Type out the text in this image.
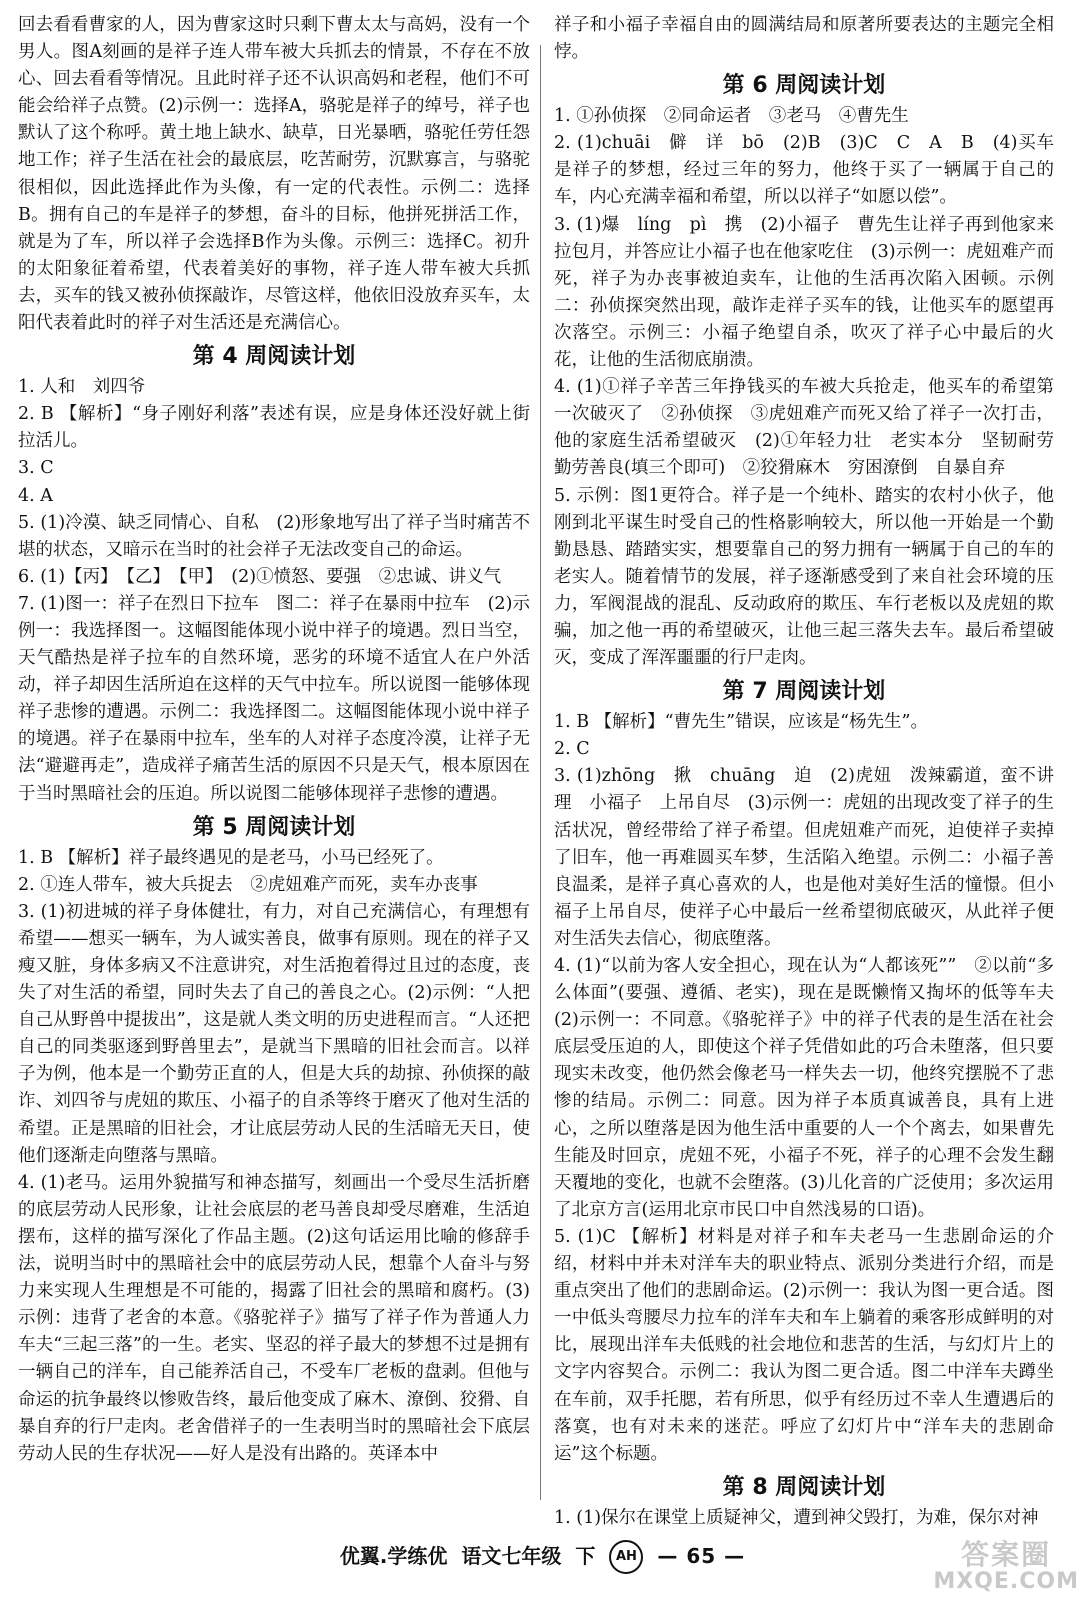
回去看看曹家的人，因为曹家这时只剩下曹太太与高妈，没有一个男人。图A刻画的是祥子连人带车被大兵抓去的情景，不存在不放心、回去看看等情况。且此时祥子还不认识高妈和老程，他们不可能会给祥子点赞。(2)示例一：选择A，骆驼是祥子的绰号，祥子也默认了这个称呼。黄土地上缺水、缺草，日光暴晒，骆驼任劳任怨地工作；祥子生活在社会的最底层，吃苦耐劳，沉默寡言，与骆驼很相似，因此选择此作为头像，有一定的代表性。示例二：选择B。拥有自己的车是祥子的梦想，奋斗的目标，他拼死拼活工作，就是为了车，所以祥子会选择B作为头像。示例三：选择C。初升的太阳象征着希望，代表着美好的事物，祥子连人带车被大兵抓去，买车的钱又被孙侦探敲诈，尽管这样，他依旧没放弃买车，太阳代表着此时的祥子对生活还是充满信心。

第 4 周阅读计划

1. 人和　刘四爷

2. B 【解析】“身子刚好利落”表述有误，应是身体还没好就上街拉活儿。

3. C

4. A

5. (1)冷漠、缺乏同情心、自私　(2)形象地写出了祥子当时痛苦不堪的状态，又暗示在当时的社会祥子无法改变自己的命运。

6. (1)【丙】　【乙】　【甲】　(2)①愤怒、要强　②忠诚、讲义气

7. (1)图一：祥子在烈日下拉车　图二：祥子在暴雨中拉车　(2)示例一：我选择图一。这幅图能体现小说中祥子的境遇。烈日当空，天气酷热是祥子拉车的自然环境，恶劣的环境不适宜人在户外活动，祥子却因生活所迫在这样的天气中拉车。所以说图一能够体现祥子悲惨的遭遇。示例二：我选择图二。这幅图能体现小说中祥子的境遇。祥子在暴雨中拉车，坐车的人对祥子态度冷漠，让祥子无法“避避再走”，造成祥子痛苦生活的原因不只是天气，根本原因在于当时黑暗社会的压迫。所以说图二能够体现祥子悲惨的遭遇。

第 5 周阅读计划

1. B 【解析】祥子最终遇见的是老马，小马已经死了。

2. ①连人带车，被大兵捉去　②虎妞难产而死，卖车办丧事

3. (1)初进城的祥子身体健壮，有力，对自己充满信心，有理想有希望——想买一辆车，为人诚实善良，做事有原则。现在的祥子又瘦又脏，身体多病又不注意讲究，对生活抱着得过且过的态度，丧失了对生活的希望，同时失去了自己的善良之心。(2)示例：“人把自己从野兽中提拔出”，这是就人类文明的历史进程而言。“人还把自己的同类驱逐到野兽里去”，是就当下黑暗的旧社会而言。以祥子为例，他本是一个勤劳正直的人，但是大兵的劫掠、孙侦探的敲诈、刘四爷与虎妞的欺压、小福子的自杀等终于磨灭了他对生活的希望。正是黑暗的旧社会，才让底层劳动人民的生活暗无天日，使他们逐渐走向堕落与黑暗。

4. (1)老马。运用外貌描写和神态描写，刻画出一个受尽生活折磨的底层劳动人民形象，让社会底层的老马善良却受尽磨难，生活迫摆布，这样的描写深化了作品主题。(2)这句话运用比喻的修辞手法，说明当时中的黑暗社会中的底层劳动人民，想靠个人奋斗与努力来实现人生理想是不可能的，揭露了旧社会的黑暗和腐朽。(3)示例：违背了老舍的本意。《骆驼祥子》描写了祥子作为普通人力车夫“三起三落”的一生。老实、坚忍的祥子最大的梦想不过是拥有一辆自己的洋车，自己能养活自己，不受车厂老板的盘剥。但他与命运的抗争最终以惨败告终，最后他变成了麻木、潦倒、狡猾、自暴自弃的行尸走肉。老舍借祥子的一生表明当时的黑暗社会下底层劳动人民的生存状况——好人是没有出路的。英译本中

祥子和小福子幸福自由的圆满结局和原著所要表达的主题完全相悖。

第 6 周阅读计划

1. ①孙侦探　②同命运者　③老马　④曹先生

2. (1)chuāi　僻　详　bō　(2)B　(3)C　C　A　B　(4)买车是祥子的梦想，经过三年的努力，他终于买了一辆属于自己的车，内心充满幸福和希望，所以以祥子“如愿以偿”。

3. (1)爆　líng　pì　携　(2)小福子　曹先生让祥子再到他家来拉包月，并答应让小福子也在他家吃住　(3)示例一：虎妞难产而死，祥子为办丧事被迫卖车，让他的生活再次陷入困顿。示例二：孙侦探突然出现，敲诈走祥子买车的钱，让他买车的愿望再次落空。示例三：小福子绝望自杀，吹灭了祥子心中最后的火花，让他的生活彻底崩溃。

4. (1)①祥子辛苦三年挣钱买的车被大兵抢走，他买车的希望第一次破灭了　②孙侦探　③虎妞难产而死又给了祥子一次打击，他的家庭生活希望破灭　(2)①年轻力壮　老实本分　坚韧耐劳　勤劳善良(填三个即可)　②狡猾麻木　穷困潦倒　自暴自弃

5. 示例：图1更符合。祥子是一个纯朴、踏实的农村小伙子，他刚到北平谋生时受自己的性格影响较大，所以他一开始是一个勤勤恳恳、踏踏实实，想要靠自己的努力拥有一辆属于自己的车的老实人。随着情节的发展，祥子逐渐感受到了来自社会环境的压力，军阀混战的混乱、反动政府的欺压、车行老板以及虎妞的欺骗，加之他一再的希望破灭，让他三起三落失去车。最后希望破灭，变成了浑浑噩噩的行尸走肉。

第 7 周阅读计划

1. B 【解析】“曹先生”错误，应该是“杨先生”。

2. C

3. (1)zhōng　揪　chuāng　迫　(2)虎妞　泼辣霸道，蛮不讲理　小福子　上吊自尽　(3)示例一：虎妞的出现改变了祥子的生活状况，曾经带给了祥子希望。但虎妞难产而死，迫使祥子卖掉了旧车，他一再难圆买车梦，生活陷入绝望。示例二：小福子善良温柔，是祥子真心喜欢的人，也是他对美好生活的憧憬。但小福子上吊自尽，使祥子心中最后一丝希望彻底破灭，从此祥子便对生活失去信心，彻底堕落。

4. (1)“以前为客人安全担心，现在认为“人都该死””　②以前“多么体面”(要强、遵循、老实)，现在是既懒惰又掏坏的低等车夫　(2)示例一：不同意。《骆驼祥子》中的祥子代表的是生活在社会底层受压迫的人，即使这个祥子凭借如此的巧合未堕落，但只要现实未改变，他仍然会像老马一样失去一切，他终究摆脱不了悲惨的结局。示例二：同意。因为祥子本质真诚善良，具有上进心，之所以堕落是因为他生活中重要的人一个个离去，如果曹先生能及时回京，虎妞不死，小福子不死，祥子的心理不会发生翻天覆地的变化，也就不会堕落。(3)儿化音的广泛使用；多次运用了北京方言(运用北京市民口中自然浅易的口语)。

5. (1)C 【解析】材料是对祥子和车夫老马一生悲剧命运的介绍，材料中并未对洋车夫的职业特点、派别分类进行介绍，而是重点突出了他们的悲剧命运。(2)示例一：我认为图一更合适。图一中低头弯腰尽力拉车的洋车夫和车上躺着的乘客形成鲜明的对比，展现出洋车夫低贱的社会地位和悲苦的生活，与幻灯片上的文字内容契合。示例二：我认为图二更合适。图二中洋车夫蹲坐在车前，双手托腮，若有所思，似乎有经历过不幸人生遭遇后的落寞，也有对未来的迷茫。呼应了幻灯片中“洋车夫的悲剧命运”这个标题。

第 8 周阅读计划

1. (1)保尔在课堂上质疑神父，遭到神父毁打，为难，保尔对神

优翼.学练优 语文七年级 下	AH	— 65 —	答案圈
MXQE.COM
